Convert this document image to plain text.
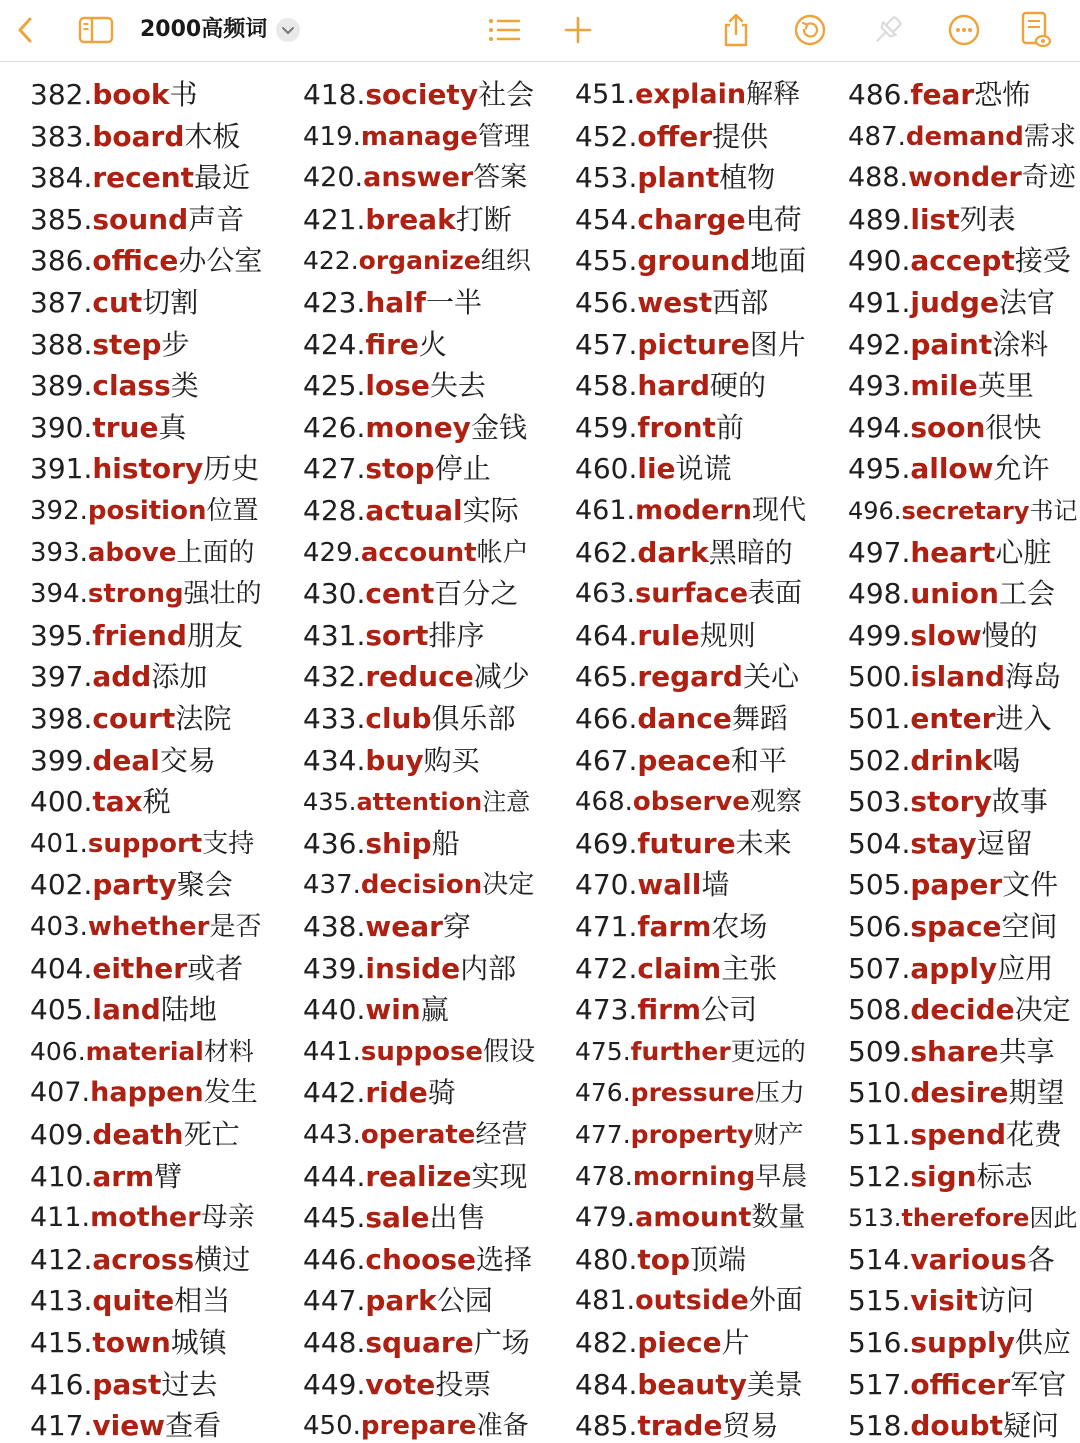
2000高频词
382.book书
383.board木板
384.recent最近
385.sound声音
386.office办公室
387.cut切割
388.step步
389.class类
390.true真
391.history历史
392.position位置
393.above上面的
394.strong强壮的
395.friend朋友
397.add添加
398.court法院
399.deal交易
400.tax税
401.support支持
402.party聚会
403.whether是否
404.either或者
405.land陆地
406.material材料
407.happen发生
409.death死亡
410.arm臂
411.mother母亲
412.across横过
413.quite相当
415.town城镇
416.past过去
417.view查看
418.society社会
419.manage管理
420.answer答案
421.break打断
422.organize组织
423.half一半
424.fire火
425.lose失去
426.money金钱
427.stop停止
428.actual实际
429.account帐户
430.cent百分之
431.sort排序
432.reduce减少
433.club俱乐部
434.buy购买
435.attention注意
436.ship船
437.decision决定
438.wear穿
439.inside内部
440.win赢
441.suppose假设
442.ride骑
443.operate经营
444.realize实现
445.sale出售
446.choose选择
447.park公园
448.square广场
449.vote投票
450.prepare准备
451.explain解释
452.offer提供
453.plant植物
454.charge电荷
455.ground地面
456.west西部
457.picture图片
458.hard硬的
459.front前
460.lie说谎
461.modern现代
462.dark黑暗的
463.surface表面
464.rule规则
465.regard关心
466.dance舞蹈
467.peace和平
468.observe观察
469.future未来
470.wall墙
471.farm农场
472.claim主张
473.firm公司
475.further更远的
476.pressure压力
477.property财产
478.morning早晨
479.amount数量
480.top顶端
481.outside外面
482.piece片
484.beauty美景
485.trade贸易
486.fear恐怖
487.demand需求
488.wonder奇迹
489.list列表
490.accept接受
491.judge法官
492.paint涂料
493.mile英里
494.soon很快
495.allow允许
496.secretary书记
497.heart心脏
498.union工会
499.slow慢的
500.island海岛
501.enter进入
502.drink喝
503.story故事
504.stay逗留
505.paper文件
506.space空间
507.apply应用
508.decide决定
509.share共享
510.desire期望
511.spend花费
512.sign标志
513.therefore因此
514.various各
515.visit访问
516.supply供应
517.officer军官
518.doubt疑问
